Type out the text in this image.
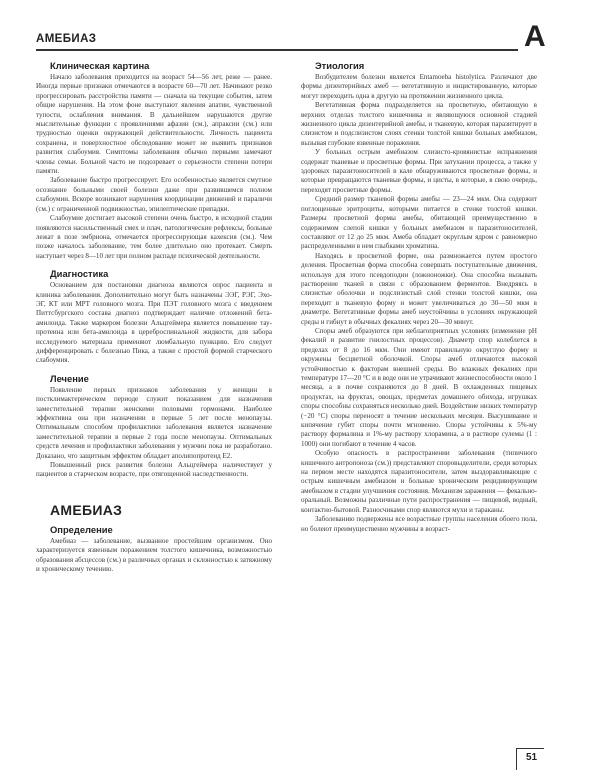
АМЕБИАЗ	А
Клиническая картина

Начало заболевания приходится на возраст 54—56 лет, реже — ранее. Иногда первые признаки отмечаются в возрасте 60—70 лет. Начинают резко прогрессировать расстройства памяти — сначала на текущие события, затем общие нарушения. На этом фоне выступают явления апатии, чувственной тупости, ослабления внимания. В дальнейшем нарушаются другие мыслительные функции с проявлениями афазии (см.), апраксии (см.) или трудностью оценки окружающей действительности. Личность пациента сохранена, и поверхностное обследование может не выявить признаков развития слабоумия. Симптомы заболевания обычно первыми замечают члены семьи. Больной часто не подозревает о серьезности степени потери памяти.

Заболевание быстро прогрессирует. Его особенностью является смутное осознание больными своей болезни даже при развившемся полном слабоумии. Вскоре возникают нарушения координации движений и параличи (см.) с ограниченной подвижностью, эпилептические припадки.

Слабоумие достигает высокой степени очень быстро, в исходной стадии появляются насильственный смех и плач, патологические рефлексы, больные лежат в позе эмбриона, отмечается прогрессирующая кахексия (см.). Чем позже началось заболевание, тем более длительно оно протекает. Смерть наступает через 8—10 лет при полном распаде психической деятельности.

Диагностика

Основанием для постановки диагноза являются опрос пациента и клиника заболевания. Дополнительно могут быть назначены ЭЭГ, РЭГ, Эхо-ЭГ, КТ или МРТ головного мозга. При ПЭТ головного мозга с введением Питтсбургского состава диагноз подтверждает наличие отложений бета-амилоида. Также маркером болезни Альцгеймера является повышение тау-протеина или бета-амилоида в цереброспинальной жидкости, для забора исследуемого материала применяют люмбальную пункцию. Его следует дифференцировать с болезнью Пика, а также с простой формой старческого слабоумия.

Лечение

Появление первых признаков заболевания у женщин в постклимактерическом периоде служит показанием для назначения заместительной терапии женскими половыми гормонами. Наиболее эффективна она при назначении в первые 5 лет после менопаузы. Оптимальным способом профилактики заболевания является назначение заместительной терапии в первые 2 года после менопаузы. Оптимальных средств лечения и профилактики заболевания у мужчин пока не разработано. Доказано, что защитным эффектом обладает аполипопротеид Е2.

Повышенный риск развития болезни Альцгеймера наличествует у пациентов в старческом возрасте, при отягощенной наследственности.

АМЕБИАЗ
Определение

Амебиаз — заболевание, вызванное простейшим организмом. Оно характеризуется язвенным поражением толстого кишечника, возможностью образования абсцессов (см.) в различных органах и склонностью к затяжному и хроническому течению.

Этиология

Возбудителем болезни является Entamoeba histolytica. Различают две формы дизентерийных амеб — вегетативную и инцистированную, которые могут переходить одна в другую на протяжении жизненного цикла.

Вегетативная форма подразделяется на просветную, обитающую в верхних отделах толстого кишечника и являющуюся основной стадией жизненного цикла дизентерийной амебы, и тканевую, которая паразитирует в слизистом и подслизистом слоях стенки толстой кишки больных амебиазом, вызывая глубокие язвенные поражения.

У больных острым амебиазом слизисто-кровянистые испражнения содержат тканевые и просветные формы. При затухании процесса, а также у здоровых паразитоносителей в кале обнаруживаются просветные формы, и которые превращаются тканевые формы, и цисты, в которые, в свою очередь, переходят просветные формы.

Средний размер тканевой формы амебы — 23—24 мкм. Она содержит поглощенные эритроциты, которыми питается в стенке толстой кишки. Размеры просветной формы амебы, обитающей преимущественно в содержимом слепой кишки у больных амебиазом и паразитоносителей, составляют от 12 до 25 мкм. Амеба обладает округлым ядром с равномерно распределенными в нем глыбками хроматина.

Находясь в просветной форме, она размножается путем простого деления. Просветная форма способна совершать поступательные движения, используя для этого псевдоподии (ложноножки). Она способна вызывать растворение тканей в связи с образованием ферментов. Внедряясь в слизистые оболочки и подслизистый слой стенки толстой кишки, она переходит в тканевую форму и может увеличиваться до 30—50 мкм в диаметре. Вегетативные формы амеб неустойчивы в условиях окружающей среды и гибнут в обычных фекалиях через 20—30 минут.

Споры амеб образуются при неблагоприятных условиях (изменение рН фекалий и развитие гнилостных процессов). Диаметр спор колеблется в пределах от 8 до 16 мкм. Они имеют правильную округлую форму и окружены бесцветной оболочкой. Споры амеб отличаются высокой устойчивостью к факторам внешней среды. Во влажных фекалиях при температуре 17—20 °С и в воде они не утрачивают жизнеспособности около 1 месяца, а в почве сохраняются до 8 дней. В охлажденных пищевых продуктах, на фруктах, овощах, предметах домашнего обихода, игрушках споры способны сохраняться несколько дней. Воздействие низких температур (−20 °С) споры переносят в течение нескольких месяцев. Высушивание и кипячение губит споры почти мгновенно. Споры устойчивы к 5%-му раствору формалина и 1%-му раствору хлорамина, а в растворе сулемы (1 : 1000) они погибают в течение 4 часов.

Особую опасность в распространении заболевания (типичного кишечного антропоноза (см.)) представляют споровыделители, среди которых на первом месте находятся паразитоносители, затем выздоравливающие с острым кишечным амебиазом и больные хроническим рецидивирующим амебиазом в стадии улучшения состояния. Механизм заражения — фекально-оральный. Возможны различные пути распространения — пищевой, водный, контактно-бытовой. Разносчиками спор являются мухи и тараканы.

Заболеванию подвержены все возрастные группы населения обоего пола, но болеют преимущественно мужчины в возраст-

51
